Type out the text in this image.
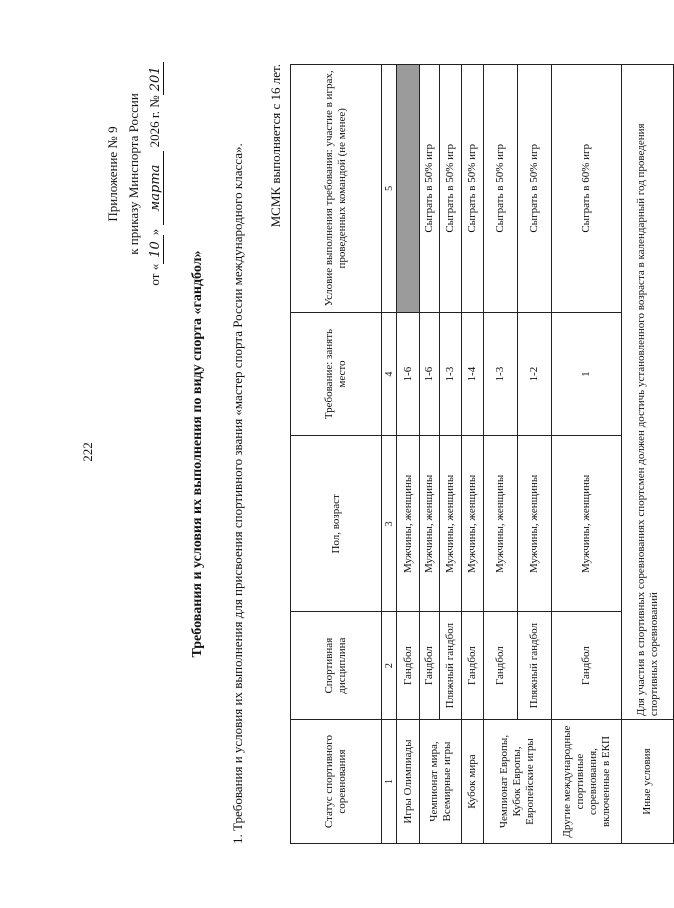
222
Приложение № 9 к приказу Минспорта России
от «10» марта 2026 г. №201
Требования и условия их выполнения по виду спорта «гандбол» 1. Требования и условия их выполнения для присвоения спортивного звания «мастер спорта России международного класса». МСМК выполняется с 16 лет.
Статус спортивного соревнования	Спортивная дисциплина	Пол, возраст	Требование: занять место	Условие выполнения требования: участие в играх, проведенных командой (не менее)
1	2	3	4	5
Игры Олимпиады	Гандбол	Мужчины, женщины	1-6	
Чемпионат мира, Всемирные игры	Гандбол	Мужчины, женщины	1-6	Сыграть в 50% игр
	Пляжный гандбол	Мужчины, женщины	1-3	Сыграть в 50% игр
Кубок мира	Гандбол	Мужчины, женщины	1-4	Сыграть в 50% игр
Чемпионат Европы, Кубок Европы, Европейские игры	Гандбол	Мужчины, женщины	1-3	Сыграть в 50% игр
	Пляжный гандбол	Мужчины, женщины	1-2	Сыграть в 50% игр
Другие международные спортивные соревнования, включенные в ЕКП	Гандбол	Мужчины, женщины	1	Сыграть в 60% игр
Иные условия	Для участия в спортивных соревнованиях спортсмен должен достичь установленного возраста в календарный год проведения спортивных соревнований			
